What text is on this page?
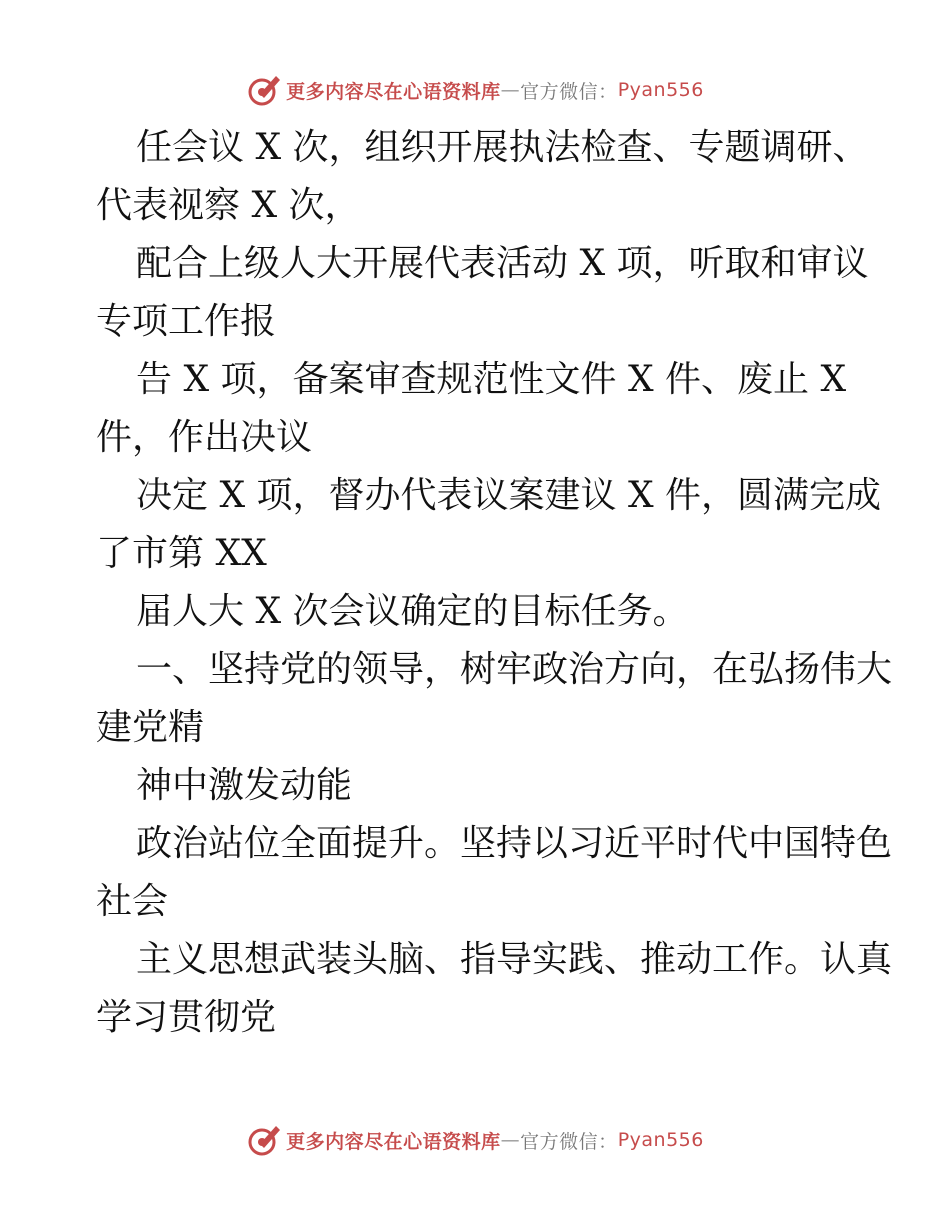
更多内容尽在心语资料库 — 官方微信： Pyan556
任会议 X 次，组织开展执法检查、专题调研、
代表视察 X 次，
配合上级人大开展代表活动 X 项，听取和审议
专项工作报
告 X 项，备案审查规范性文件 X 件、废止 X
件，作出决议
决定 X 项，督办代表议案建议 X 件，圆满完成
了市第 XX
届人大 X 次会议确定的目标任务。
一、坚持党的领导，树牢政治方向，在弘扬伟大
建党精
神中激发动能
政治站位全面提升。坚持以习近平时代中国特色
社会
主义思想武装头脑、指导实践、推动工作。认真
学习贯彻党
更多内容尽在心语资料库 — 官方微信： Pyan556
